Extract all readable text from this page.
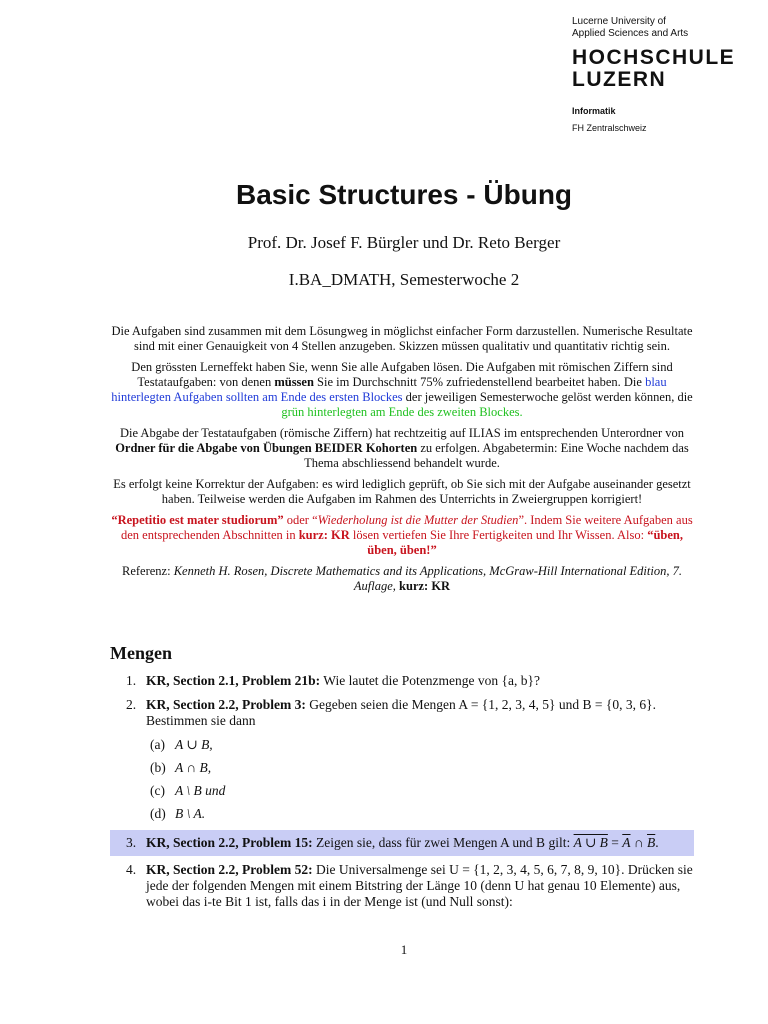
Lucerne University of
Applied Sciences and Arts
HOCHSCHULE
LUZERN
Informatik
FH Zentralschweiz
Basic Structures - Übung
Prof. Dr. Josef F. Bürgler und Dr. Reto Berger
I.BA_DMATH, Semesterwoche 2

Die Aufgaben sind zusammen mit dem Lösungweg in möglichst einfacher Form darzustellen. Numerische Resultate sind mit einer Genauigkeit von 4 Stellen anzugeben. Skizzen müssen qualitativ und quantitativ richtig sein.

Den grössten Lerneffekt haben Sie, wenn Sie alle Aufgaben lösen. Die Aufgaben mit römischen Ziffern sind Testataufgaben: von denen müssen Sie im Durchschnitt 75% zufriedenstellend bearbeitet haben. Die blau hinterlegten Aufgaben sollten am Ende des ersten Blockes der jeweiligen Semesterwoche gelöst werden können, die grün hinterlegten am Ende des zweiten Blockes.

Die Abgabe der Testataufgaben (römische Ziffern) hat rechtzeitig auf ILIAS im entsprechenden Unterordner von Ordner für die Abgabe von Übungen BEIDER Kohorten zu erfolgen. Abgabetermin: Eine Woche nachdem das Thema abschliessend behandelt wurde.

Es erfolgt keine Korrektur der Aufgaben: es wird lediglich geprüft, ob Sie sich mit der Aufgabe auseinander gesetzt haben. Teilweise werden die Aufgaben im Rahmen des Unterrichts in Zweiergruppen korrigiert!

“Repetitio est mater studiorum” oder “Wiederholung ist die Mutter der Studien”. Indem Sie weitere Aufgaben aus den entsprechenden Abschnitten in kurz: KR lösen vertiefen Sie Ihre Fertigkeiten und Ihr Wissen. Also: “üben, üben, üben!”

Referenz: Kenneth H. Rosen, Discrete Mathematics and its Applications, McGraw-Hill International Edition, 7. Auflage, kurz: KR

Mengen
1. KR, Section 2.1, Problem 21b: Wie lautet die Potenzmenge von {a, b}?
2. KR, Section 2.2, Problem 3: Gegeben seien die Mengen A = {1, 2, 3, 4, 5} und B = {0, 3, 6}. Bestimmen sie dann
(a) A ∪ B,
(b) A ∩ B,
(c) A \ B und
(d) B \ A.
3. KR, Section 2.2, Problem 15: Zeigen sie, dass für zwei Mengen A und B gilt: A ∪ $B = \overline{A}$ ∩ $\overline{B}$.
4. KR, Section 2.2, Problem 52: Die Universalmenge sei U = {1, 2, 3, 4, 5, 6, 7, 8, 9, 10}. Drücken sie jede der folgenden Mengen mit einem Bitstring der Länge 10 (denn U hat genau 10 Elemente) aus, wobei das i-te Bit 1 ist, falls das i in der Menge ist (und Null sonst):
1
